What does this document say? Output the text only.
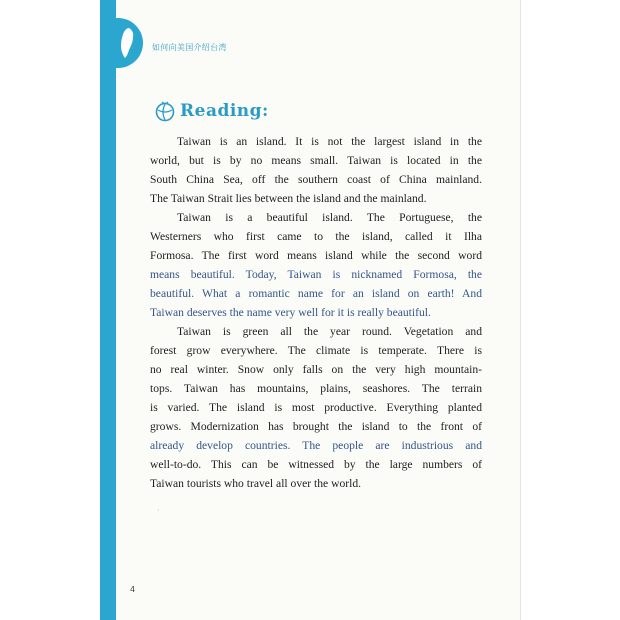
如何向美国介绍台湾
Reading:
Taiwan is an island. It is not the largest island in the
world, but is by no means small. Taiwan is located in the
South China Sea, off the southern coast of China mainland.
The Taiwan Strait lies between the island and the mainland.
Taiwan is a beautiful island. The Portuguese, the
Westerners who first came to the island, called it Ilha
Formosa. The first word means island while the second word
means beautiful. Today, Taiwan is nicknamed Formosa, the
beautiful. What a romantic name for an island on earth! And
Taiwan deserves the name very well for it is really beautiful.
Taiwan is green all the year round. Vegetation and
forest grow everywhere. The climate is temperate. There is
no real winter. Snow only falls on the very high mountain-
tops. Taiwan has mountains, plains, seashores. The terrain
is varied. The island is most productive. Everything planted
grows. Modernization has brought the island to the front of
already develop countries. The people are industrious and
well-to-do. This can be witnessed by the large numbers of
Taiwan tourists who travel all over the world.
·
4
